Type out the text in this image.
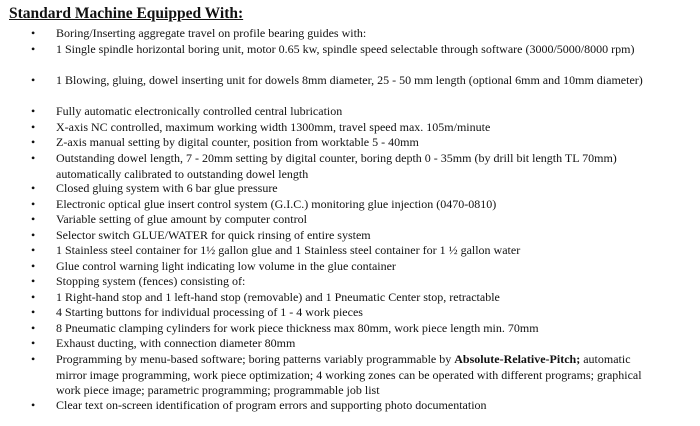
Standard Machine Equipped With:
• Boring/Inserting aggregate travel on profile bearing guides with:
• 1 Single spindle horizontal boring unit, motor 0.65 kw, spindle speed selectable through software (3000/5000/8000 rpm)
• 1 Blowing, gluing, dowel inserting unit for dowels 8mm diameter, 25 - 50 mm length (optional 6mm and 10mm diameter)
• Fully automatic electronically controlled central lubrication
• X-axis NC controlled, maximum working width 1300mm, travel speed max. 105m/minute
• Z-axis manual setting by digital counter, position from worktable 5 - 40mm
• Outstanding dowel length, 7 - 20mm setting by digital counter, boring depth 0 - 35mm (by drill bit length TL 70mm)
automatically calibrated to outstanding dowel length
• Closed gluing system with 6 bar glue pressure
• Electronic optical glue insert control system (G.I.C.) monitoring glue injection (0470-0810)
• Variable setting of glue amount by computer control
• Selector switch GLUE/WATER for quick rinsing of entire system
• 1 Stainless steel container for 1½ gallon glue and 1 Stainless steel container for 1 ½ gallon water
• Glue control warning light indicating low volume in the glue container
• Stopping system (fences) consisting of:
• 1 Right-hand stop and 1 left-hand stop (removable) and 1 Pneumatic Center stop, retractable
• 4 Starting buttons for individual processing of 1 - 4 work pieces
• 8 Pneumatic clamping cylinders for work piece thickness max 80mm, work piece length min. 70mm
• Exhaust ducting, with connection diameter 80mm
• Programming by menu-based software; boring patterns variably programmable by Absolute-Relative-Pitch; automatic
mirror image programming, work piece optimization; 4 working zones can be operated with different programs; graphical
work piece image; parametric programming; programmable job list
• Clear text on-screen identification of program errors and supporting photo documentation
